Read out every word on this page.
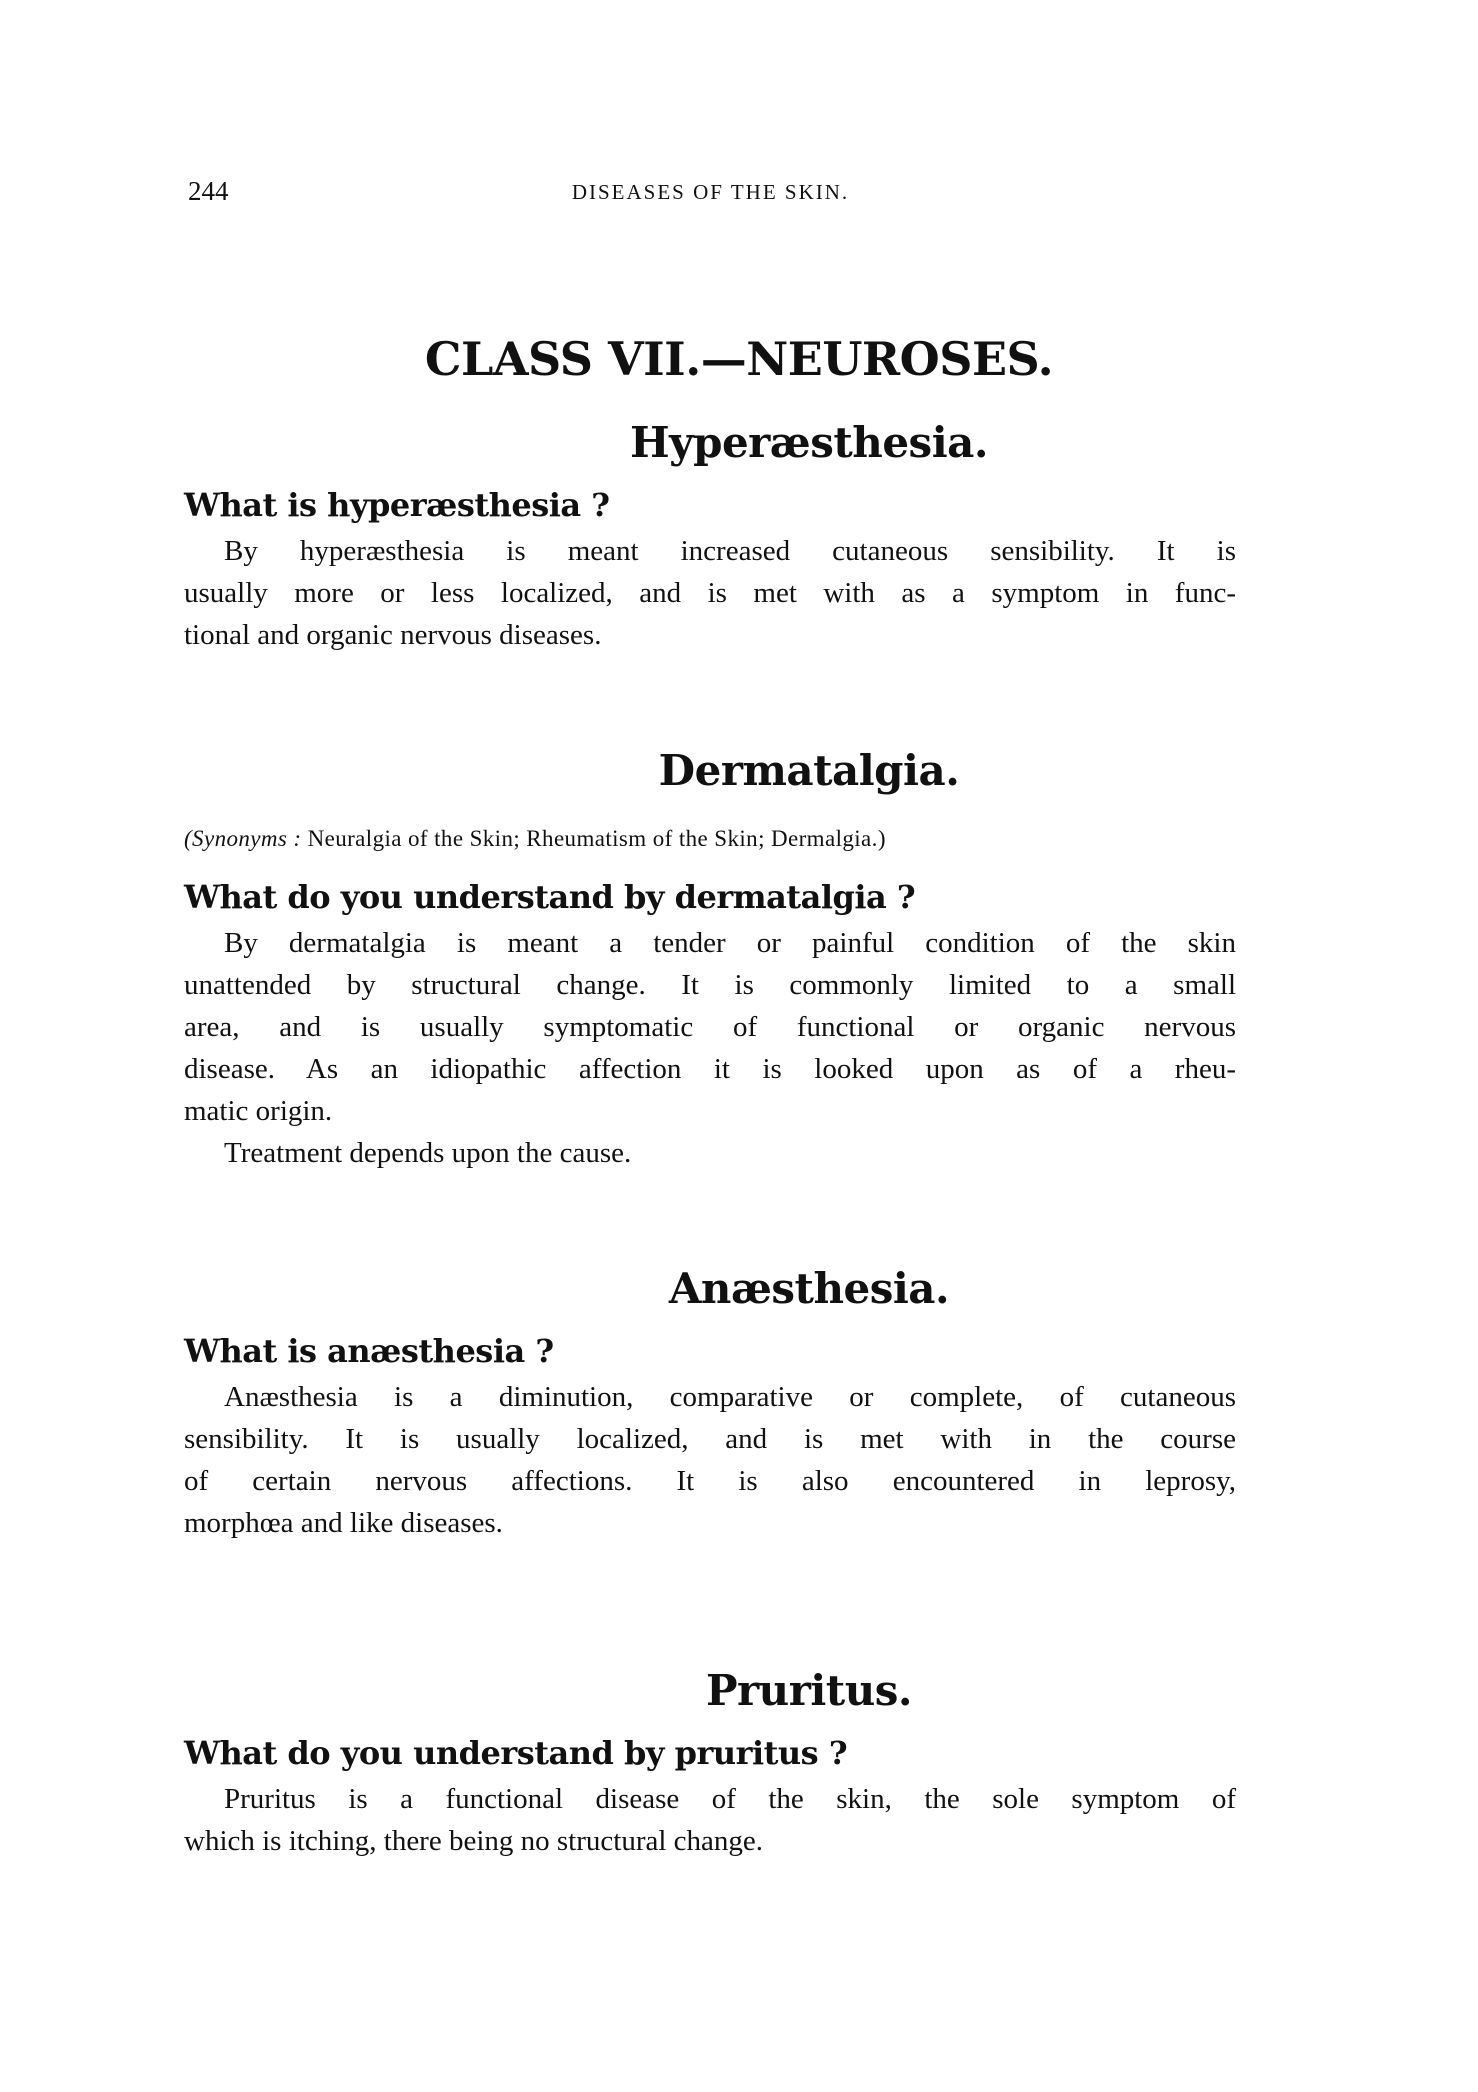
244	DISEASES OF THE SKIN.
CLASS VII.—NEUROSES.
Hyperæsthesia.
What is hyperæsthesia ?
By hyperæsthesia is meant increased cutaneous sensibility. It is
usually more or less localized, and is met with as a symptom in func-
tional and organic nervous diseases.
Dermatalgia.
(Synonyms : Neuralgia of the Skin; Rheumatism of the Skin; Dermalgia.)
What do you understand by dermatalgia ?
By dermatalgia is meant a tender or painful condition of the skin
unattended by structural change. It is commonly limited to a small
area, and is usually symptomatic of functional or organic nervous
disease. As an idiopathic affection it is looked upon as of a rheu-
matic origin.
Treatment depends upon the cause.
Anæsthesia.
What is anæsthesia ?
Anæsthesia is a diminution, comparative or complete, of cutaneous
sensibility. It is usually localized, and is met with in the course
of certain nervous affections. It is also encountered in leprosy,
morphœa and like diseases.
Pruritus.
What do you understand by pruritus ?
Pruritus is a functional disease of the skin, the sole symptom of
which is itching, there being no structural change.
